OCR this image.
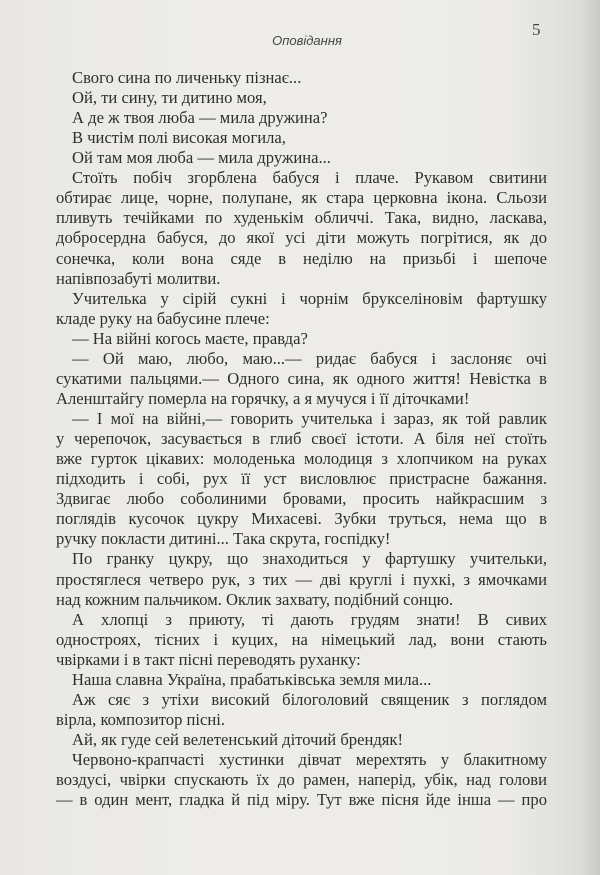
Оповідання
5
Свого сина по личеньку пізнає...
Ой, ти сину, ти дитино моя,
А де ж твоя люба — мила дружина?
В чистім полі високая могила,
Ой там моя люба — мила дружина...
Стоїть побіч згорблена бабуся і плаче. Рукавом свитини
обтирає лице, чорне, полупане, як стара церковна ікона. Сльози
пливуть течійками по худенькім обличчі. Така, видно, ласкава,
добросердна бабуся, до якої усі діти можуть погрітися, як до
сонечка, коли вона сяде в неділю на призьбі і шепоче
напівпозабуті молитви.
Учителька у сірій сукні і чорнім брукселіновім фартушку
кладе руку на бабусине плече:
— На війні когось маєте, правда?
— Ой маю, любо, маю...— ридає бабуся і заслоняє очі
сукатими пальцями.— Одного сина, як одного життя! Невістка в
Аленштайгу померла на горячку, а я мучуся і її діточками!
— І мої на війні,— говорить учителька і зараз, як той равлик
у черепочок, засувається в глиб своєї істоти. А біля неї стоїть
вже гурток цікавих: молоденька молодиця з хлопчиком на руках
підходить і собі, рух її уст висловлює пристрасне бажання.
Здвигає любо соболиними бровами, просить найкрасшим з
поглядів кусочок цукру Михасеві. Зубки труться, нема що в
ручку покласти дитині... Така скрута, госпідку!
По гранку цукру, що знаходиться у фартушку учительки,
простяглеся четверо рук, з тих — дві круглі і пухкі, з ямочками
над кожним пальчиком. Оклик захвату, подібний сонцю.
А хлопці з приюту, ті дають грудям знати! В сивих
одностроях, тісних і куцих, на німецький лад, вони стають
чвірками і в такт пісні переводять руханку:
Наша славна Україна, прабатьківська земля мила...
Аж сяє з утіхи високий білоголовий священик з поглядом
вірла, композитор пісні.
Ай, як гуде сей велетенський діточий брендяк!
Червоно-крапчасті хустинки дівчат мерехтять у блакитному
воздусі, чвірки спускають їх до рамен, наперід, убік, над голови
— в один мент, гладка й під міру. Тут вже пісня йде інша — про
